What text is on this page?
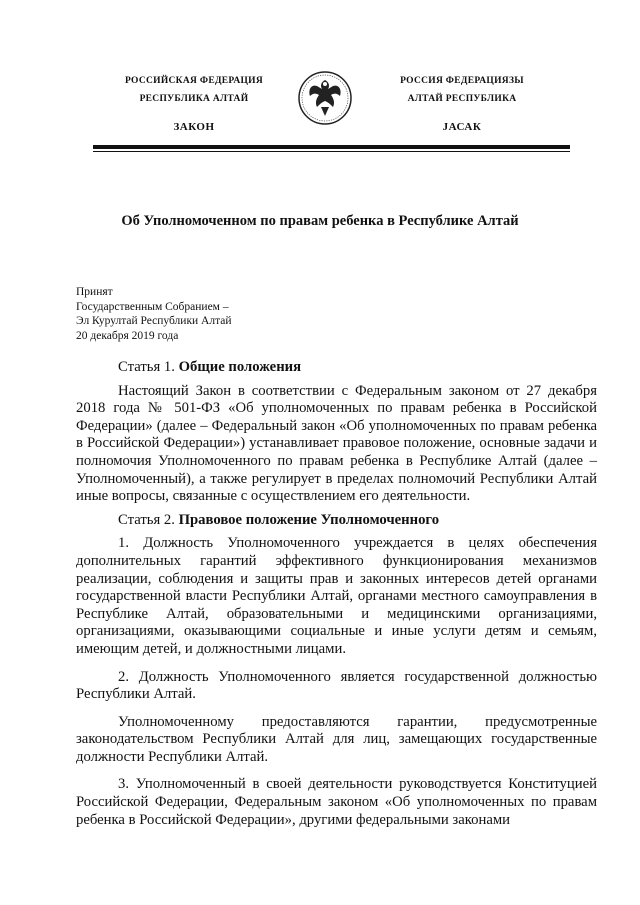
РОССИЙСКАЯ ФЕДЕРАЦИЯ
РЕСПУБЛИКА АЛТАЙ
ЗАКОН
РОССИЯ ФЕДЕРАЦИЯЗЫ
АЛТАЙ РЕСПУБЛИКА
ЈАСАК
Об Уполномоченном по правам ребенка в Республике Алтай
Принят
Государственным Собранием –
Эл Курултай Республики Алтай
20 декабря 2019 года

Статья 1. Общие положения

Настоящий Закон в соответствии с Федеральным законом от 27 декабря 2018 года № 501-ФЗ «Об уполномоченных по правам ребенка в Российской Федерации» (далее – Федеральный закон «Об уполномоченных по правам ребенка в Российской Федерации») устанавливает правовое положение, основные задачи и полномочия Уполномоченного по правам ребенка в Республике Алтай (далее – Уполномоченный), а также регулирует в пределах полномочий Республики Алтай иные вопросы, связанные с осуществлением его деятельности.

Статья 2. Правовое положение Уполномоченного

1. Должность Уполномоченного учреждается в целях обеспечения дополнительных гарантий эффективного функционирования механизмов реализации, соблюдения и защиты прав и законных интересов детей органами государственной власти Республики Алтай, органами местного самоуправления в Республике Алтай, образовательными и медицинскими организациями, организациями, оказывающими социальные и иные услуги детям и семьям, имеющим детей, и должностными лицами.

2. Должность Уполномоченного является государственной должностью Республики Алтай.

Уполномоченному предоставляются гарантии, предусмотренные законодательством Республики Алтай для лиц, замещающих государственные должности Республики Алтай.

3. Уполномоченный в своей деятельности руководствуется Конституцией Российской Федерации, Федеральным законом «Об уполномоченных по правам ребенка в Российской Федерации», другими федеральными законами
